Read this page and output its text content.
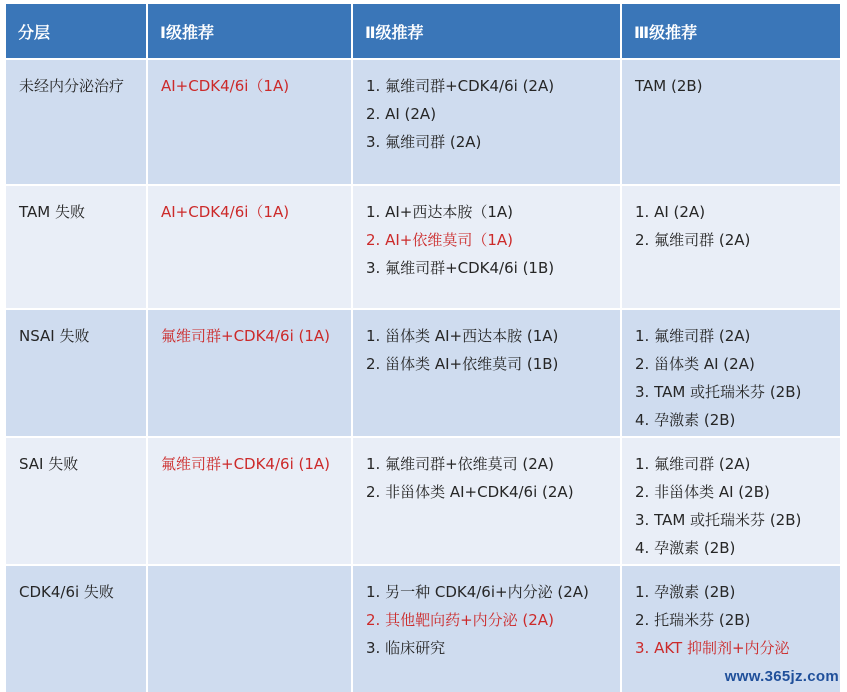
分层	Ⅰ级推荐	Ⅱ级推荐	Ⅲ级推荐

未经内分泌治疗	AI+CDK4/6i（1A)	1. 氟维司群+CDK4/6i (2A)
2. AI (2A)
3. 氟维司群 (2A)	TAM (2B)

TAM 失败	AI+CDK4/6i（1A)	1. AI+西达本胺（1A)
2. AI+依维莫司（1A)
3. 氟维司群+CDK4/6i (1B)	1. AI (2A)
2. 氟维司群 (2A)

NSAI 失败	氟维司群+CDK4/6i (1A)	1. 甾体类 AI+西达本胺 (1A)
2. 甾体类 AI+依维莫司 (1B)	1. 氟维司群 (2A)
2. 甾体类 AI (2A)
3. TAM 或托瑞米芬 (2B)
4. 孕激素 (2B)

SAI 失败	氟维司群+CDK4/6i (1A)	1. 氟维司群+依维莫司 (2A)
2. 非甾体类 AI+CDK4/6i (2A)	1. 氟维司群 (2A)
2. 非甾体类 AI (2B)
3. TAM 或托瑞米芬 (2B)
4. 孕激素 (2B)

CDK4/6i 失败		1. 另一种 CDK4/6i+内分泌 (2A)
2. 其他靶向药+内分泌 (2A)
3. 临床研究	1. 孕激素 (2B)
2. 托瑞米芬 (2B)
3. AKT 抑制剂+内分泌
www.365jz.com
